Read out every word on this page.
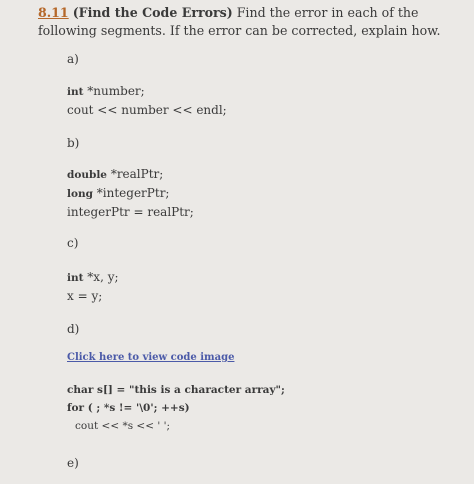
8.11 (Find the Code Errors) Find the error in each of the following segments. If the error can be corrected, explain how.
a)
int *number;
cout << number << endl;
b)
double *realPtr;
long *integerPtr;
integerPtr = realPtr;
c)
int *x, y;
x = y;
d)
Click here to view code image
char s[] = "this is a character array";
for ( ; *s != '\0'; ++s)
cout << *s << ' ';
e)
